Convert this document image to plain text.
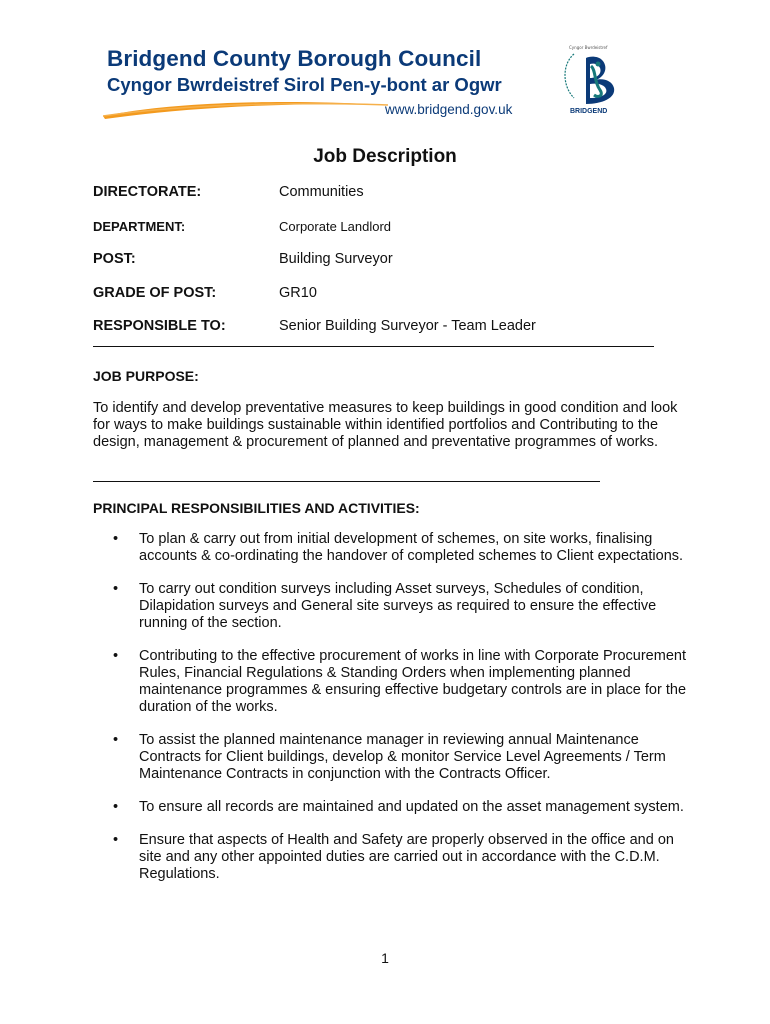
Bridgend County Borough Council
Cyngor Bwrdeistref Sirol Pen-y-bont ar Ogwr
www.bridgend.gov.uk
Cyngor Bwrdeistref
BRIDGEND
Job Description
DIRECTORATE:	Communities
DEPARTMENT:	Corporate Landlord
POST:	Building Surveyor
GRADE OF POST:	GR10
RESPONSIBLE TO:	Senior Building Surveyor - Team Leader
JOB PURPOSE:
To identify and develop preventative measures to keep buildings in good condition and look for ways to make buildings sustainable within identified portfolios and Contributing to the design, management & procurement of planned and preventative programmes of works.
PRINCIPAL RESPONSIBILITIES AND ACTIVITIES:
• To plan & carry out from initial development of schemes, on site works, finalising accounts & co-ordinating the handover of completed schemes to Client expectations.
• To carry out condition surveys including Asset surveys, Schedules of condition, Dilapidation surveys and General site surveys as required to ensure the effective running of the section.
• Contributing to the effective procurement of works in line with Corporate Procurement Rules, Financial Regulations & Standing Orders when implementing planned maintenance programmes & ensuring effective budgetary controls are in place for the duration of the works.
• To assist the planned maintenance manager in reviewing annual Maintenance Contracts for Client buildings, develop & monitor Service Level Agreements / Term Maintenance Contracts in conjunction with the Contracts Officer.
• To ensure all records are maintained and updated on the asset management system.
• Ensure that aspects of Health and Safety are properly observed in the office and on site and any other appointed duties are carried out in accordance with the C.D.M. Regulations.
1
